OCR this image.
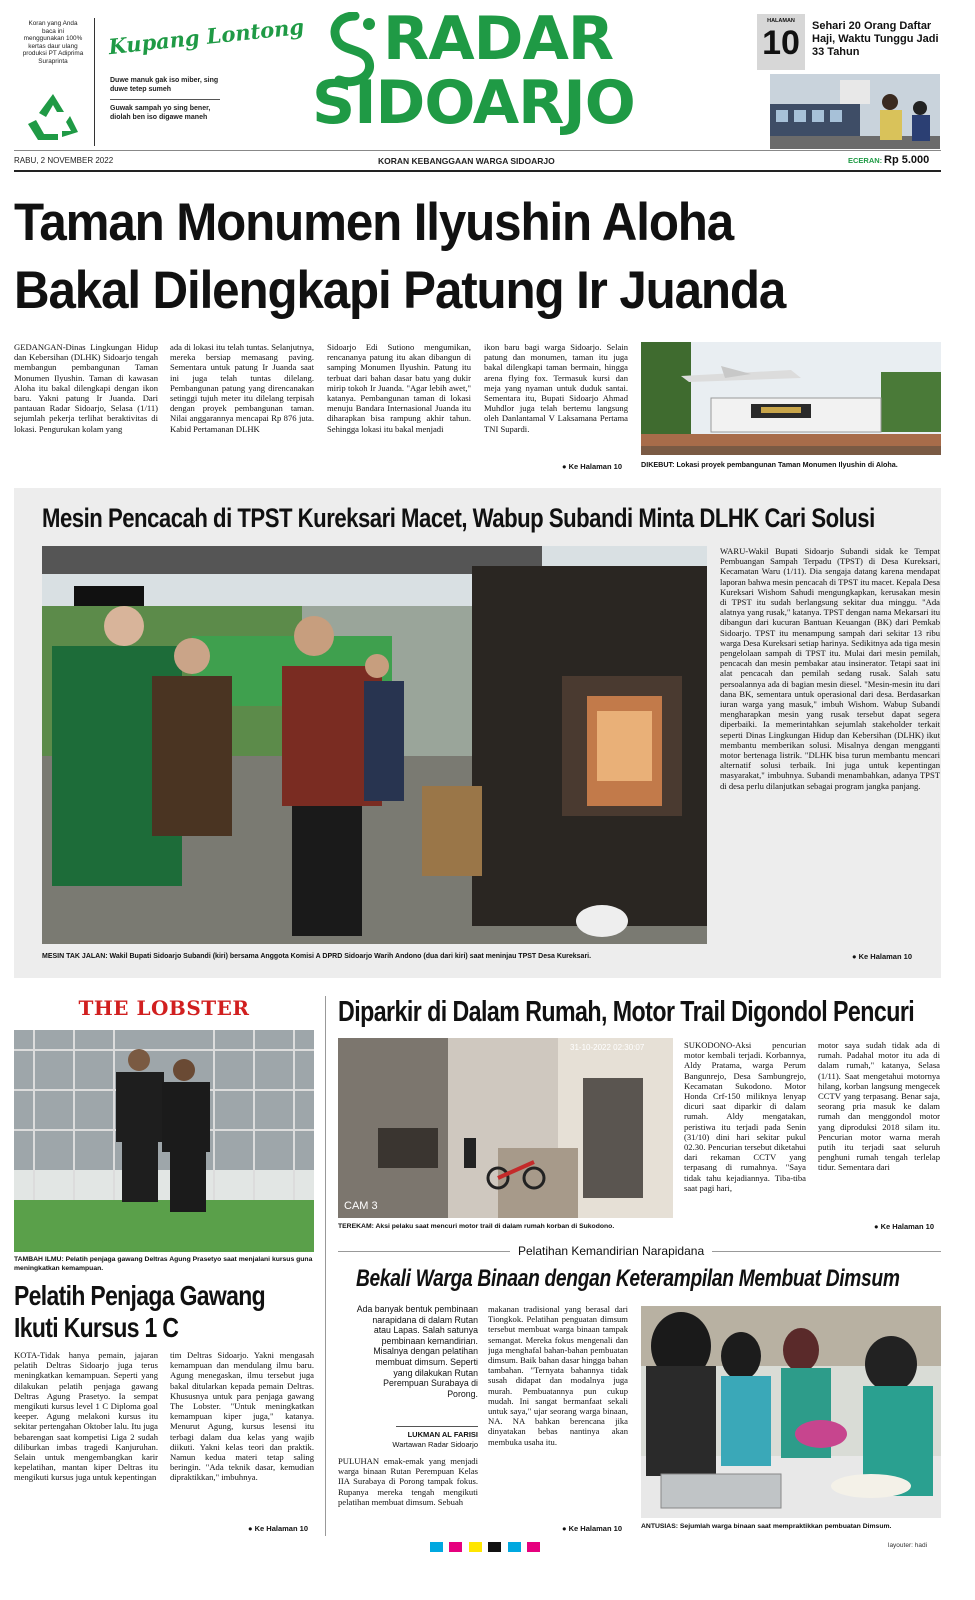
Koran yang Anda baca ini menggunakan 100% kertas daur ulang produksi PT Adiprima Suraprinta
Kupang Lontong
Duwe manuk gak iso miber, sing duwe tetep sumeh
Guwak sampah yo sing bener, diolah ben iso digawe maneh
RADAR
SIDOARJO
RABU, 2 NOVEMBER 2022	KORAN KEBANGGAAN WARGA SIDOARJO
HALAMAN
10	Sehari 20 Orang Daftar Haji, Waktu Tunggu Jadi 33 Tahun
ECERAN: Rp 5.000
Taman Monumen Ilyushin Aloha
Bakal Dilengkapi Patung Ir Juanda
GEDANGAN-Dinas Lingkungan Hidup dan Kebersihan (DLHK) Sidoarjo tengah membangun pembangunan Taman Monumen Ilyushin. Taman di kawasan Aloha itu bakal dilengkapi dengan ikon baru. Yakni patung Ir Juanda. Dari pantauan Radar Sidoarjo, Selasa (1/11) sejumlah pekerja terlihat beraktivitas di lokasi. Pengurukan kolam yang
ada di lokasi itu telah tuntas. Selanjutnya, mereka bersiap memasang paving. Sementara untuk patung Ir Juanda saat ini juga telah tuntas dilelang. Pembangunan patung yang direncanakan setinggi tujuh meter itu dilelang terpisah dengan proyek pembangunan taman. Nilai anggarannya mencapai Rp 876 juta. Kabid Pertamanan DLHK
Sidoarjo Edi Sutiono mengumikan, rencananya patung itu akan dibangun di samping Monumen Ilyushin. Patung itu terbuat dari bahan dasar batu yang dukir mirip tokoh Ir Juanda. "Agar lebih awet," katanya. Pembangunan taman di lokasi menuju Bandara Internasional Juanda itu diharapkan bisa rampung akhir tahun. Sehingga lokasi itu bakal menjadi
ikon baru bagi warga Sidoarjo. Selain patung dan monumen, taman itu juga bakal dilengkapi taman bermain, hingga arena flying fox. Termasuk kursi dan meja yang nyaman untuk duduk santai. Sementara itu, Bupati Sidoarjo Ahmad Muhdlor juga telah bertemu langsung oleh Danlantamal V Laksamana Pertama TNI Supardi.
● Ke Halaman 10	DIKEBUT: Lokasi proyek pembangunan Taman Monumen Ilyushin di Aloha.
Mesin Pencacah di TPST Kureksari Macet, Wabup Subandi Minta DLHK Cari Solusi
WARU-Wakil Bupati Sidoarjo Subandi sidak ke Tempat Pembuangan Sampah Terpadu (TPST) di Desa Kureksari, Kecamatan Waru (1/11). Dia sengaja datang karena mendapat laporan bahwa mesin pencacah di TPST itu macet. Kepala Desa Kureksari Wishom Sahudi mengungkapkan, kerusakan mesin di TPST itu sudah berlangsung sekitar dua minggu. "Ada alatnya yang rusak," katanya. TPST dengan nama Mekarsari itu dibangun dari kucuran Bantuan Keuangan (BK) dari Pemkab Sidoarjo. TPST itu menampung sampah dari sekitar 13 ribu warga Desa Kureksari setiap harinya. Sedikitnya ada tiga mesin pengelolaan sampah di TPST itu. Mulai dari mesin pemilah, pencacah dan mesin pembakar atau insinerator. Tetapi saat ini alat pencacah dan pemilah sedang rusak. Salah satu persoalannya ada di bagian mesin diesel. "Mesin-mesin itu dari dana BK, sementara untuk operasional dari desa. Berdasarkan iuran warga yang masuk," imbuh Wishom. Wabup Subandi mengharapkan mesin yang rusak tersebut dapat segera diperbaiki. Ia memerintahkan sejumlah stakeholder terkait seperti Dinas Lingkungan Hidup dan Kebersihan (DLHK) ikut membantu memberikan solusi. Misalnya dengan mengganti motor bertenaga listrik. "DLHK bisa turun membantu mencari alternatif solusi terbaik. Ini juga untuk kepentingan masyarakat," imbuhnya. Subandi menambahkan, adanya TPST di desa perlu dilanjutkan sebagai program jangka panjang.
MESIN TAK JALAN: Wakil Bupati Sidoarjo Subandi (kiri) bersama Anggota Komisi A DPRD Sidoarjo Warih Andono (dua dari kiri) saat meninjau TPST Desa Kureksari.	● Ke Halaman 10
THE LOBSTER
TAMBAH ILMU: Pelatih penjaga gawang Deltras Agung Prasetyo saat menjalani kursus guna meningkatkan kemampuan.
Pelatih Penjaga Gawang
Ikuti Kursus 1 C
KOTA-Tidak hanya pemain, jajaran pelatih Deltras Sidoarjo juga terus meningkatkan kemampuan. Seperti yang dilakukan pelatih penjaga gawang Deltras Agung Prasetyo. Ia sempat mengikuti kursus level 1 C Diploma goal keeper. Agung melakoni kursus itu sekitar pertengahan Oktober lalu. Itu juga bebarengan saat kompetisi Liga 2 sudah diliburkan imbas tragedi Kanjuruhan. Selain untuk mengembangkan karir kepelatihan, mantan kiper Deltras itu mengikuti kursus juga untuk kepentingan
tim Deltras Sidoarjo. Yakni mengasah kemampuan dan mendulang ilmu baru. Agung menegaskan, ilmu tersebut juga bakal ditularkan kepada pemain Deltras. Khususnya untuk para penjaga gawang The Lobster. "Untuk meningkatkan kemampuan kiper juga," katanya. Menurut Agung, kursus lesensi itu terbagi dalam dua kelas yang wajib diikuti. Yakni kelas teori dan praktik. Namun kedua materi tetap saling beringin. "Ada teknik dasar, kemudian dipraktikkan," imbuhnya.
● Ke Halaman 10
Diparkir di Dalam Rumah, Motor Trail Digondol Pencuri
CAM 3
31-10-2022 02:30:07
TEREKAM: Aksi pelaku saat mencuri motor trail di dalam rumah korban di Sukodono.
SUKODONO-Aksi pencurian motor kembali terjadi. Korbannya, Aldy Pratama, warga Perum Bangunrejo, Desa Sambungrejo, Kecamatan Sukodono. Motor Honda Crf-150 miliknya lenyap dicuri saat diparkir di dalam rumah. Aldy mengatakan, peristiwa itu terjadi pada Senin (31/10) dini hari sekitar pukul 02.30. Pencurian tersebut diketahui dari rekaman CCTV yang terpasang di rumahnya. "Saya tidak tahu kejadiannya. Tiba-tiba saat pagi hari,
motor saya sudah tidak ada di rumah. Padahal motor itu ada di dalam rumah," katanya, Selasa (1/11). Saat mengetahui motornya hilang, korban langsung mengecek CCTV yang terpasang. Benar saja, seorang pria masuk ke dalam rumah dan menggondol motor yang diproduksi 2018 silam itu. Pencurian motor warna merah putih itu terjadi saat seluruh penghuni rumah tengah terlelap tidur. Sementara dari
● Ke Halaman 10
Pelatihan Kemandirian Narapidana
Bekali Warga Binaan dengan Keterampilan Membuat Dimsum
Ada banyak bentuk pembinaan narapidana di dalam Rutan atau Lapas. Salah satunya pembinaan kemandirian. Misalnya dengan pelatihan membuat dimsum. Seperti yang dilakukan Rutan Perempuan Surabaya di Porong.
LUKMAN AL FARISI
Wartawan Radar Sidoarjo
PULUHAN emak-emak yang menjadi warga binaan Rutan Perempuan Kelas IIA Surabaya di Porong tampak fokus. Rupanya mereka tengah mengikuti pelatihan membuat dimsum. Sebuah
makanan tradisional yang berasal dari Tiongkok. Pelatihan penguatan dimsum tersebut membuat warga binaan tampak semangat. Mereka fokus mengenali dan juga menghafal bahan-bahan pembuatan dimsum. Baik bahan dasar hingga bahan tambahan. "Ternyata bahannya tidak susah didapat dan modalnya juga murah. Pembuatannya pun cukup mudah. Ini sangat bermanfaat sekali untuk saya," ujar seorang warga binaan, NA. NA bahkan berencana jika dinyatakan bebas nantinya akan membuka usaha itu.
● Ke Halaman 10	ANTUSIAS: Sejumlah warga binaan saat mempraktikkan pembuatan Dimsum.
layouter: hadi
